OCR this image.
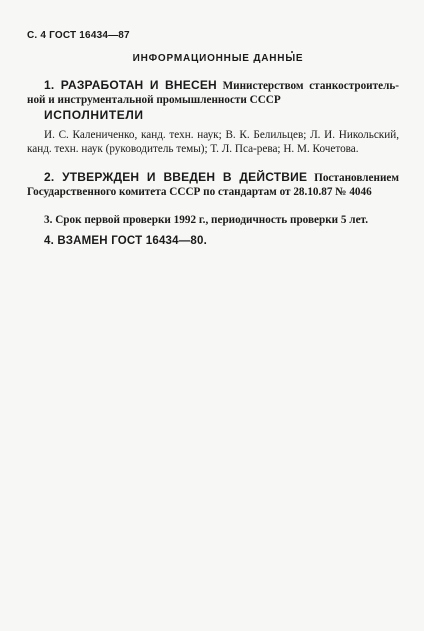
С. 4 ГОСТ 16434—87
ИНФОРМАЦИОННЫЕ ДАННЫЕ
1. РАЗРАБОТАН И ВНЕСЕН Министерством станкостроитель-ной и инструментальной промышленности СССР
ИСПОЛНИТЕЛИ
И. С. Калениченко, канд. техн. наук; В. К. Белильцев; Л. И. Никольский, канд. техн. наук (руководитель темы); Т. Л. Пса-рева; Н. М. Кочетова.
2. УТВЕРЖДЕН И ВВЕДЕН В ДЕЙСТВИЕ Постановлением Государственного комитета СССР по стандартам от 28.10.87 № 4046
3. Срок первой проверки 1992 г., периодичность проверки 5 лет.
4. ВЗАМЕН ГОСТ 16434—80.
